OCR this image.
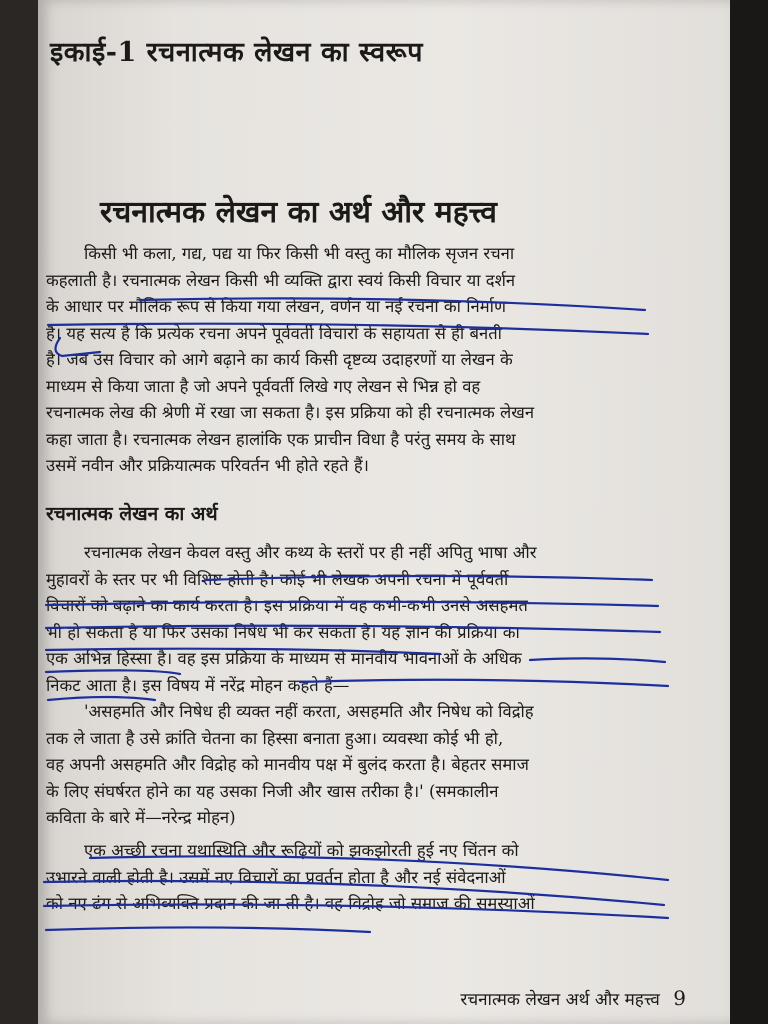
इकाई-1 रचनात्मक लेखन का स्वरूप
रचनात्मक लेखन का अर्थ और महत्त्व
किसी भी कला, गद्य, पद्य या फिर किसी भी वस्तु का मौलिक सृजन रचना
कहलाती है। रचनात्मक लेखन किसी भी व्यक्ति द्वारा स्वयं किसी विचार या दर्शन
के आधार पर मौलिक रूप से किया गया लेखन, वर्णन या नई रचना का निर्माण
है। यह सत्य है कि प्रत्येक रचना अपने पूर्ववर्ती विचारों के सहायता से ही बनती
है। जब उस विचार को आगे बढ़ाने का कार्य किसी दृष्टव्य उदाहरणों या लेखन के
माध्यम से किया जाता है जो अपने पूर्ववर्ती लिखे गए लेखन से भिन्न हो वह
रचनात्मक लेख की श्रेणी में रखा जा सकता है। इस प्रक्रिया को ही रचनात्मक लेखन
कहा जाता है। रचनात्मक लेखन हालांकि एक प्राचीन विधा है परंतु समय के साथ
उसमें नवीन और प्रक्रियात्मक परिवर्तन भी होते रहते हैं।
रचनात्मक लेखन का अर्थ
रचनात्मक लेखन केवल वस्तु और कथ्य के स्तरों पर ही नहीं अपितु भाषा और
मुहावरों के स्तर पर भी विशिष्ट होती है। कोई भी लेखक अपनी रचना में पूर्ववर्ती
विचारों को बढ़ाने का कार्य करता है। इस प्रक्रिया में वह कभी-कभी उनसे असहमत
भी हो सकता है या फिर उसका निषेध भी कर सकता है। यह ज्ञान की प्रक्रिया का
एक अभिन्न हिस्सा है। वह इस प्रक्रिया के माध्यम से मानवीय भावनाओं के अधिक
निकट आता है। इस विषय में नरेंद्र मोहन कहते हैं—
'असहमति और निषेध ही व्यक्त नहीं करता, असहमति और निषेध को विद्रोह
तक ले जाता है उसे क्रांति चेतना का हिस्सा बनाता हुआ। व्यवस्था कोई भी हो,
वह अपनी असहमति और विद्रोह को मानवीय पक्ष में बुलंद करता है। बेहतर समाज
के लिए संघर्षरत होने का यह उसका निजी और खास तरीका है।' (समकालीन
कविता के बारे में—नरेन्द्र मोहन)
एक अच्छी रचना यथास्थिति और रूढ़ियों को झकझोरती हुई नए चिंतन को
उभारने वाली होती है। उसमें नए विचारों का प्रवर्तन होता है और नई संवेदनाओं
को नए ढंग से अभिव्यक्ति प्रदान की जा ती है। वह विद्रोह जो समाज की समस्याओं
रचनात्मक लेखन अर्थ और महत्त्व 9
